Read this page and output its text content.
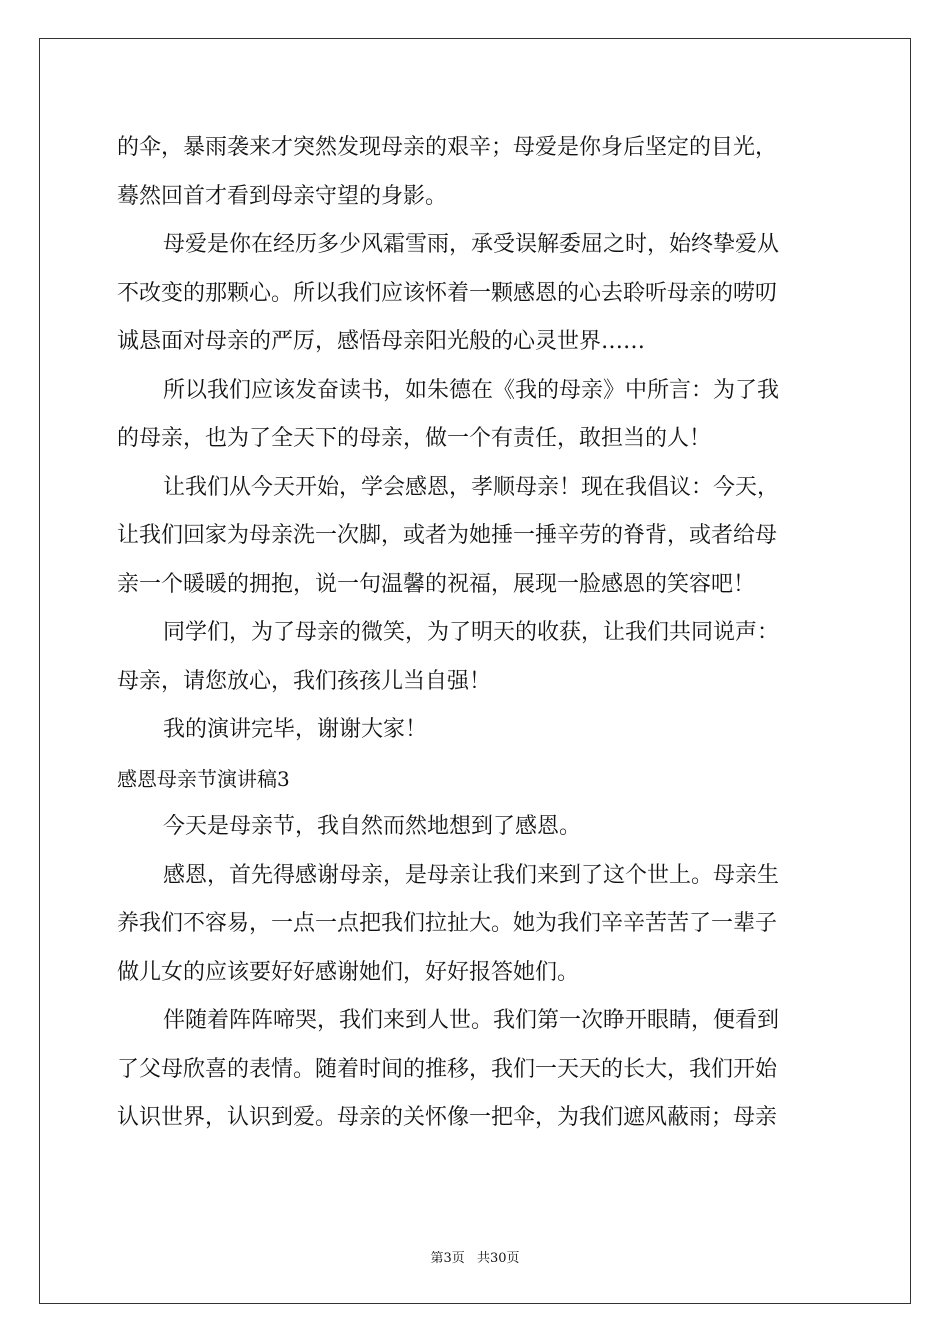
的伞，暴雨袭来才突然发现母亲的艰辛；母爱是你身后坚定的目光，
蓦然回首才看到母亲守望的身影。
母爱是你在经历多少风霜雪雨，承受误解委屈之时，始终挚爱从
不改变的那颗心。所以我们应该怀着一颗感恩的心去聆听母亲的唠叨
诚恳面对母亲的严厉，感悟母亲阳光般的心灵世界……
所以我们应该发奋读书，如朱德在《我的母亲》中所言：为了我
的母亲，也为了全天下的母亲，做一个有责任，敢担当的人！
让我们从今天开始，学会感恩，孝顺母亲！现在我倡议：今天，
让我们回家为母亲洗一次脚，或者为她捶一捶辛劳的脊背，或者给母
亲一个暖暖的拥抱，说一句温馨的祝福，展现一脸感恩的笑容吧！
同学们，为了母亲的微笑，为了明天的收获，让我们共同说声：
母亲，请您放心，我们孩孩儿当自强！
我的演讲完毕，谢谢大家！
感恩母亲节演讲稿3
今天是母亲节，我自然而然地想到了感恩。
感恩，首先得感谢母亲，是母亲让我们来到了这个世上。母亲生
养我们不容易，一点一点把我们拉扯大。她为我们辛辛苦苦了一辈子
做儿女的应该要好好感谢她们，好好报答她们。
伴随着阵阵啼哭，我们来到人世。我们第一次睁开眼睛，便看到
了父母欣喜的表情。随着时间的推移，我们一天天的长大，我们开始
认识世界，认识到爱。母亲的关怀像一把伞，为我们遮风蔽雨；母亲
第3页 共30页
